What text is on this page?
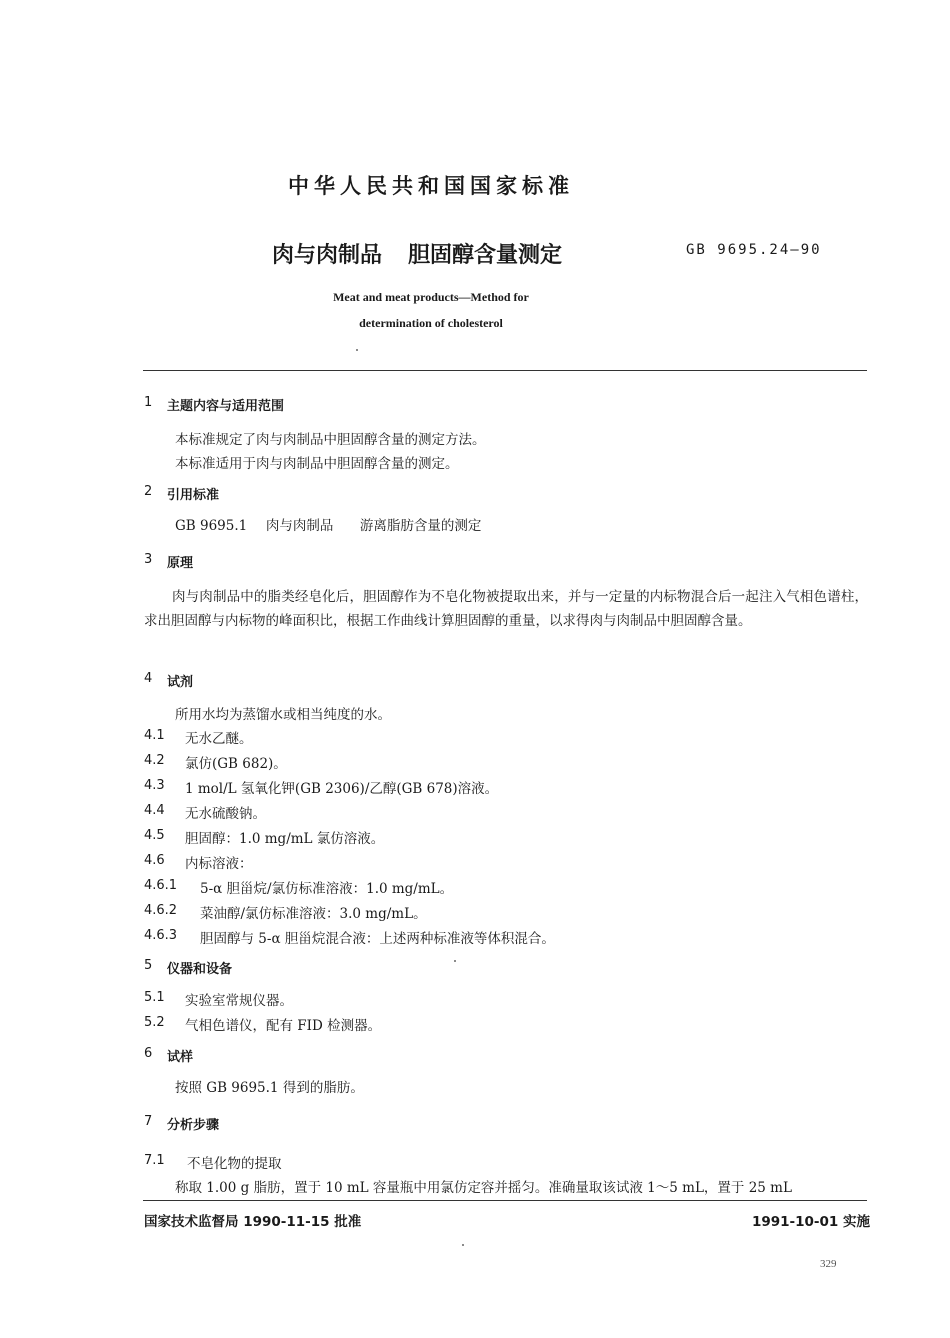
中华人民共和国国家标准
肉与肉制品 胆固醇含量测定	GB 9695.24—90
Meat and meat products—Method for
determination of cholesterol
1 主题内容与适用范围
本标准规定了肉与肉制品中胆固醇含量的测定方法。
本标准适用于肉与肉制品中胆固醇含量的测定。
2 引用标准
GB 9695.1 肉与肉制品 游离脂肪含量的测定
3 原理
肉与肉制品中的脂类经皂化后，胆固醇作为不皂化物被提取出来，并与一定量的内标物混合后一起注入气相色谱柱，求出胆固醇与内标物的峰面积比，根据工作曲线计算胆固醇的重量，以求得肉与肉制品中胆固醇含量。
4 试剂
所用水均为蒸馏水或相当纯度的水。
4.1 无水乙醚。
4.2 氯仿(GB 682)。
4.3 1 mol/L 氢氧化钾(GB 2306)/乙醇(GB 678)溶液。
4.4 无水硫酸钠。
4.5 胆固醇：1.0 mg/mL 氯仿溶液。
4.6 内标溶液：
4.6.1 5-α 胆甾烷/氯仿标准溶液：1.0 mg/mL。
4.6.2 菜油醇/氯仿标准溶液：3.0 mg/mL。
4.6.3 胆固醇与 5-α 胆甾烷混合液：上述两种标准液等体积混合。
5 仪器和设备
5.1 实验室常规仪器。
5.2 气相色谱仪，配有 FID 检测器。
6 试样
按照 GB 9695.1 得到的脂肪。
7 分析步骤
7.1 不皂化物的提取
称取 1.00 g 脂肪，置于 10 mL 容量瓶中用氯仿定容并摇匀。准确量取该试液 1～5 mL，置于 25 mL
国家技术监督局 1990-11-15 批准	1991-10-01 实施
329
